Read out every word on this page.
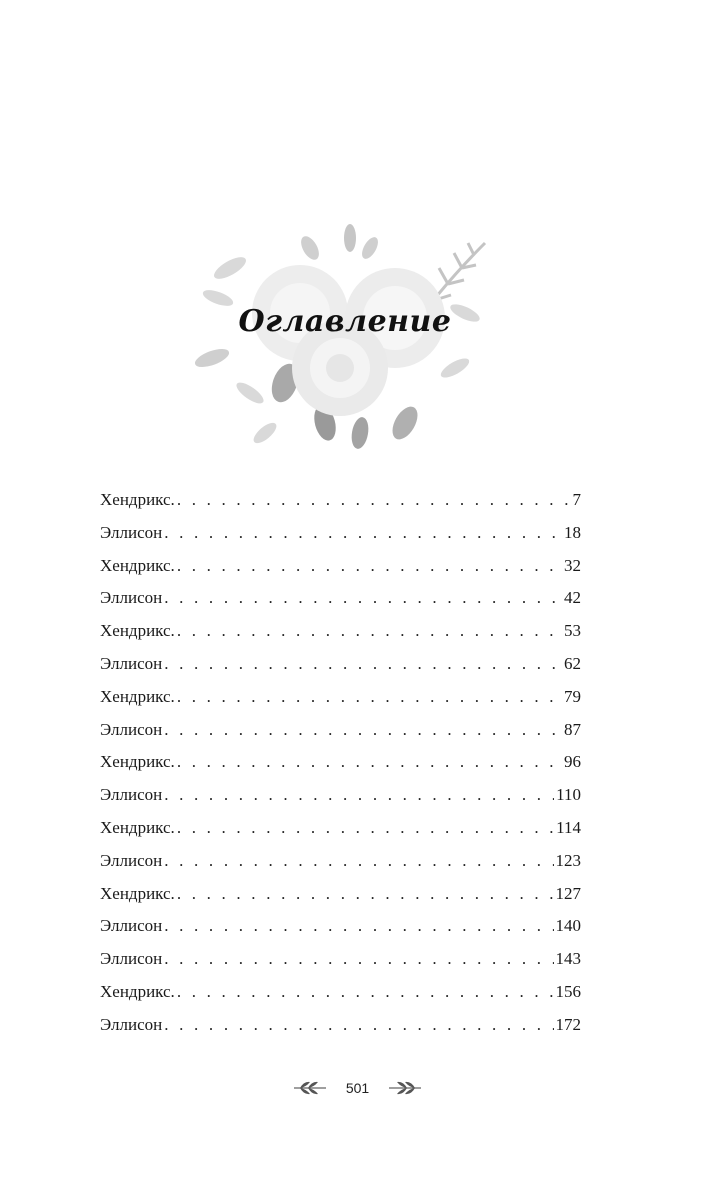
Оглавление
Хендрикс. . . .	7
Эллисон . . .	18
Хендрикс. . . .	32
Эллисон . . .	42
Хендрикс. . . .	53
Эллисон . . .	62
Хендрикс. . . .	79
Эллисон . . .	87
Хендрикс. . . .	96
Эллисон . . .	110
Хендрикс. . . .	114
Эллисон . . .	123
Хендрикс. . . .	127
Эллисон . . .	140
Эллисон . . .	143
Хендрикс. . . .	156
Эллисон . . .	172
501
